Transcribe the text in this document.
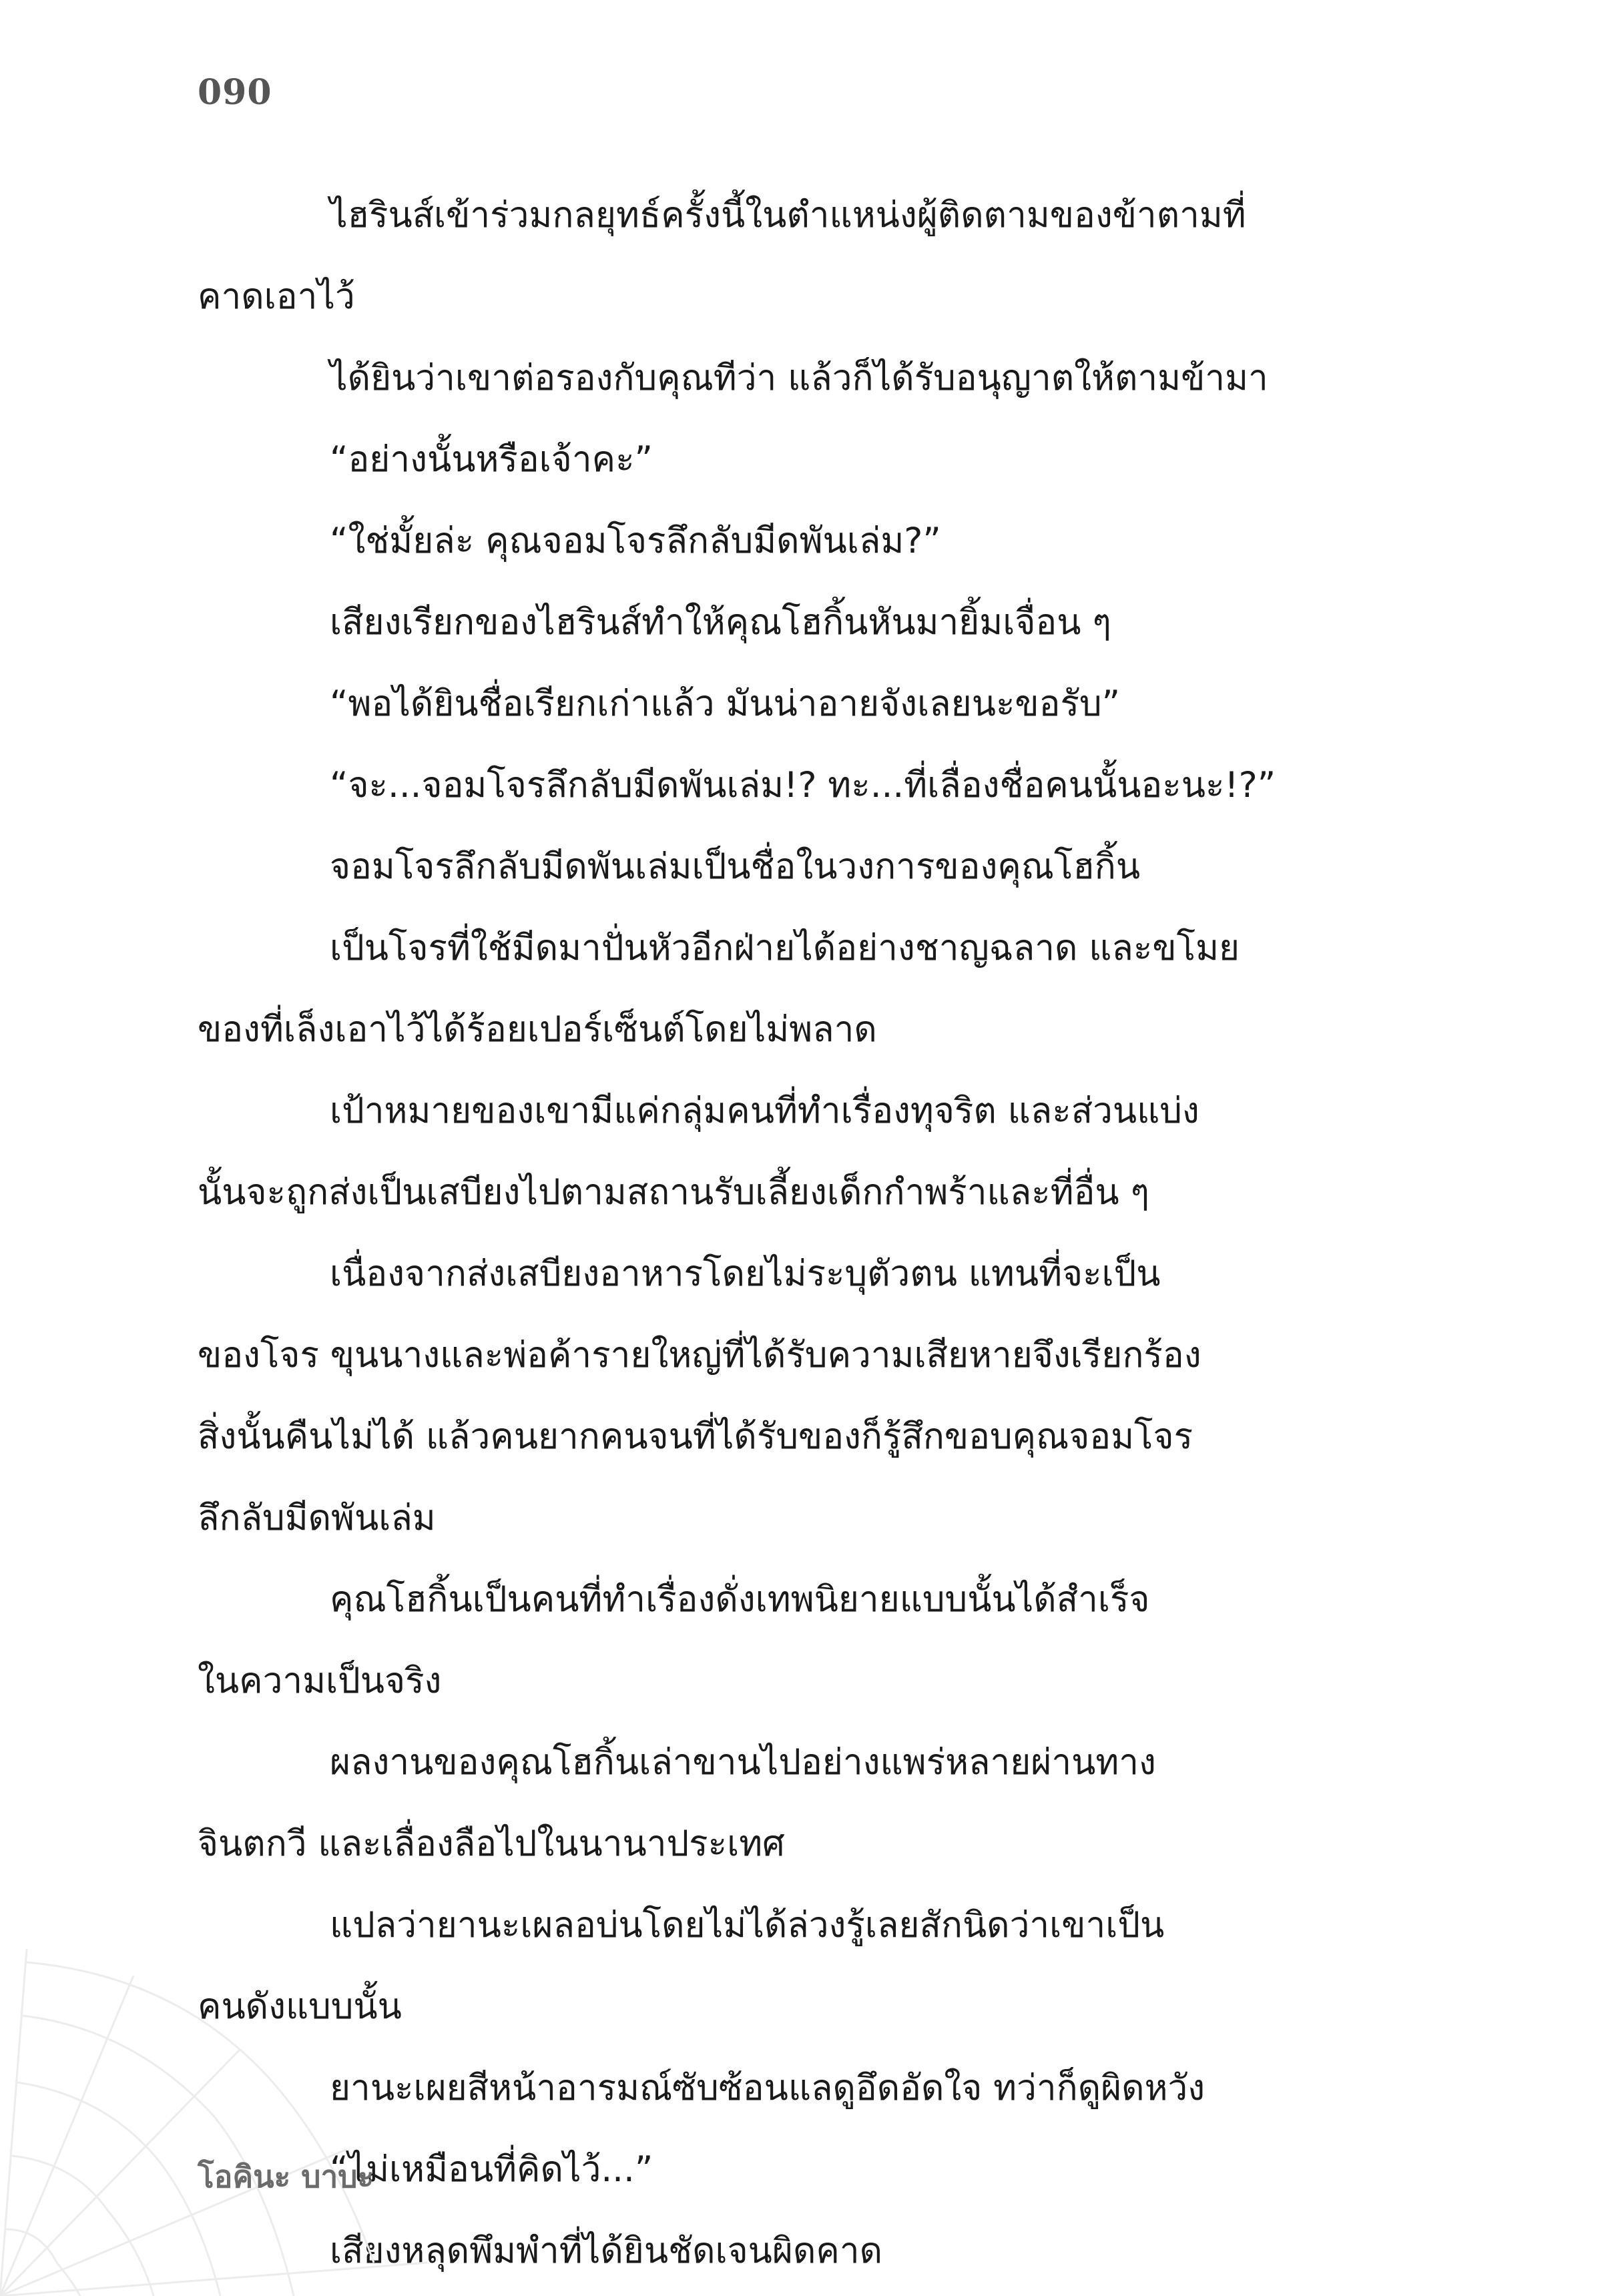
090

ไฮรินส์เข้าร่วมกลยุทธ์ครั้งนี้ในตำแหน่งผู้ติดตามของข้าตามที่

คาดเอาไว้

ได้ยินว่าเขาต่อรองกับคุณทีว่า แล้วก็ได้รับอนุญาตให้ตามข้ามา

“อย่างนั้นหรือเจ้าคะ”

“ใช่มั้ยล่ะ คุณจอมโจรลึกลับมีดพันเล่ม?”

เสียงเรียกของไฮรินส์ทำให้คุณโฮกิ้นหันมายิ้มเจื่อน ๆ

“พอได้ยินชื่อเรียกเก่าแล้ว มันน่าอายจังเลยนะขอรับ”

“จะ...จอมโจรลึกลับมีดพันเล่ม!? ทะ...ที่เลื่องชื่อคนนั้นอะนะ!?”

จอมโจรลึกลับมีดพันเล่มเป็นชื่อในวงการของคุณโฮกิ้น

เป็นโจรที่ใช้มีดมาปั่นหัวอีกฝ่ายได้อย่างชาญฉลาด และขโมย

ของที่เล็งเอาไว้ได้ร้อยเปอร์เซ็นต์โดยไม่พลาด

เป้าหมายของเขามีแค่กลุ่มคนที่ทำเรื่องทุจริต และส่วนแบ่ง

นั้นจะถูกส่งเป็นเสบียงไปตามสถานรับเลี้ยงเด็กกำพร้าและที่อื่น ๆ

เนื่องจากส่งเสบียงอาหารโดยไม่ระบุตัวตน แทนที่จะเป็น

ของโจร ขุนนางและพ่อค้ารายใหญ่ที่ได้รับความเสียหายจึงเรียกร้อง

สิ่งนั้นคืนไม่ได้ แล้วคนยากคนจนที่ได้รับของก็รู้สึกขอบคุณจอมโจร

ลึกลับมีดพันเล่ม

คุณโฮกิ้นเป็นคนที่ทำเรื่องดั่งเทพนิยายแบบนั้นได้สำเร็จ

ในความเป็นจริง

ผลงานของคุณโฮกิ้นเล่าขานไปอย่างแพร่หลายผ่านทาง

จินตกวี และเลื่องลือไปในนานาประเทศ

แปลว่ายานะเผลอบ่นโดยไม่ได้ล่วงรู้เลยสักนิดว่าเขาเป็น

คนดังแบบนั้น

ยานะเผยสีหน้าอารมณ์ซับซ้อนแลดูอึดอัดใจ ทว่าก็ดูผิดหวัง

“ไม่เหมือนที่คิดไว้...”

เสียงหลุดพึมพำที่ได้ยินชัดเจนผิดคาด

โอคินะ บาบะ
